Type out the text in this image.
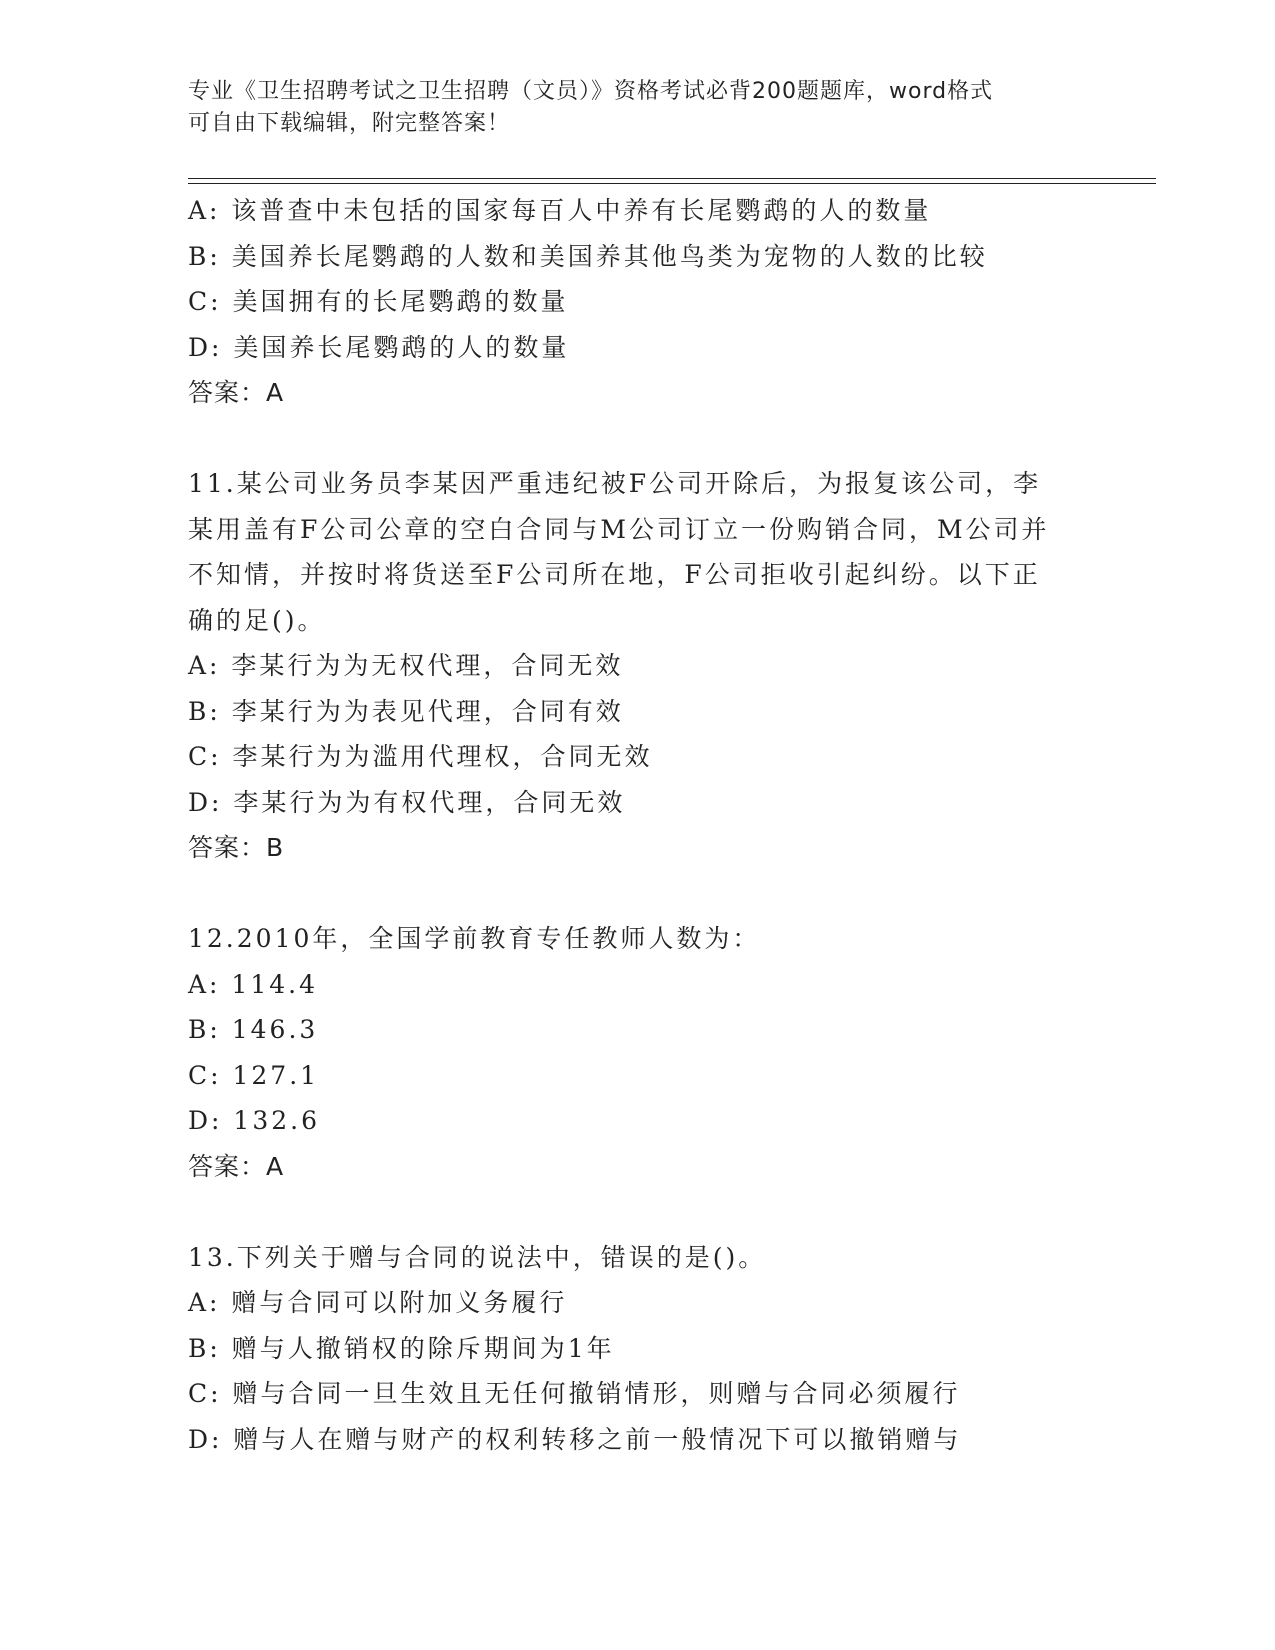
专业《卫生招聘考试之卫生招聘（文员）》资格考试必背200题题库，word格式
可自由下载编辑，附完整答案！
A: 该普查中未包括的国家每百人中养有长尾鹦鹉的人的数量
B: 美国养长尾鹦鹉的人数和美国养其他鸟类为宠物的人数的比较
C: 美国拥有的长尾鹦鹉的数量
D: 美国养长尾鹦鹉的人的数量
答案：A
11.某公司业务员李某因严重违纪被F公司开除后，为报复该公司，李
某用盖有F公司公章的空白合同与M公司订立一份购销合同，M公司并
不知情，并按时将货送至F公司所在地，F公司拒收引起纠纷。以下正
确的足()。
A: 李某行为为无权代理，合同无效
B: 李某行为为表见代理，合同有效
C: 李某行为为滥用代理权，合同无效
D: 李某行为为有权代理，合同无效
答案：B
12.2010年，全国学前教育专任教师人数为：
A: 114.4
B: 146.3
C: 127.1
D: 132.6
答案：A
13.下列关于赠与合同的说法中，错误的是()。
A: 赠与合同可以附加义务履行
B: 赠与人撤销权的除斥期间为1年
C: 赠与合同一旦生效且无任何撤销情形，则赠与合同必须履行
D: 赠与人在赠与财产的权利转移之前一般情况下可以撤销赠与
